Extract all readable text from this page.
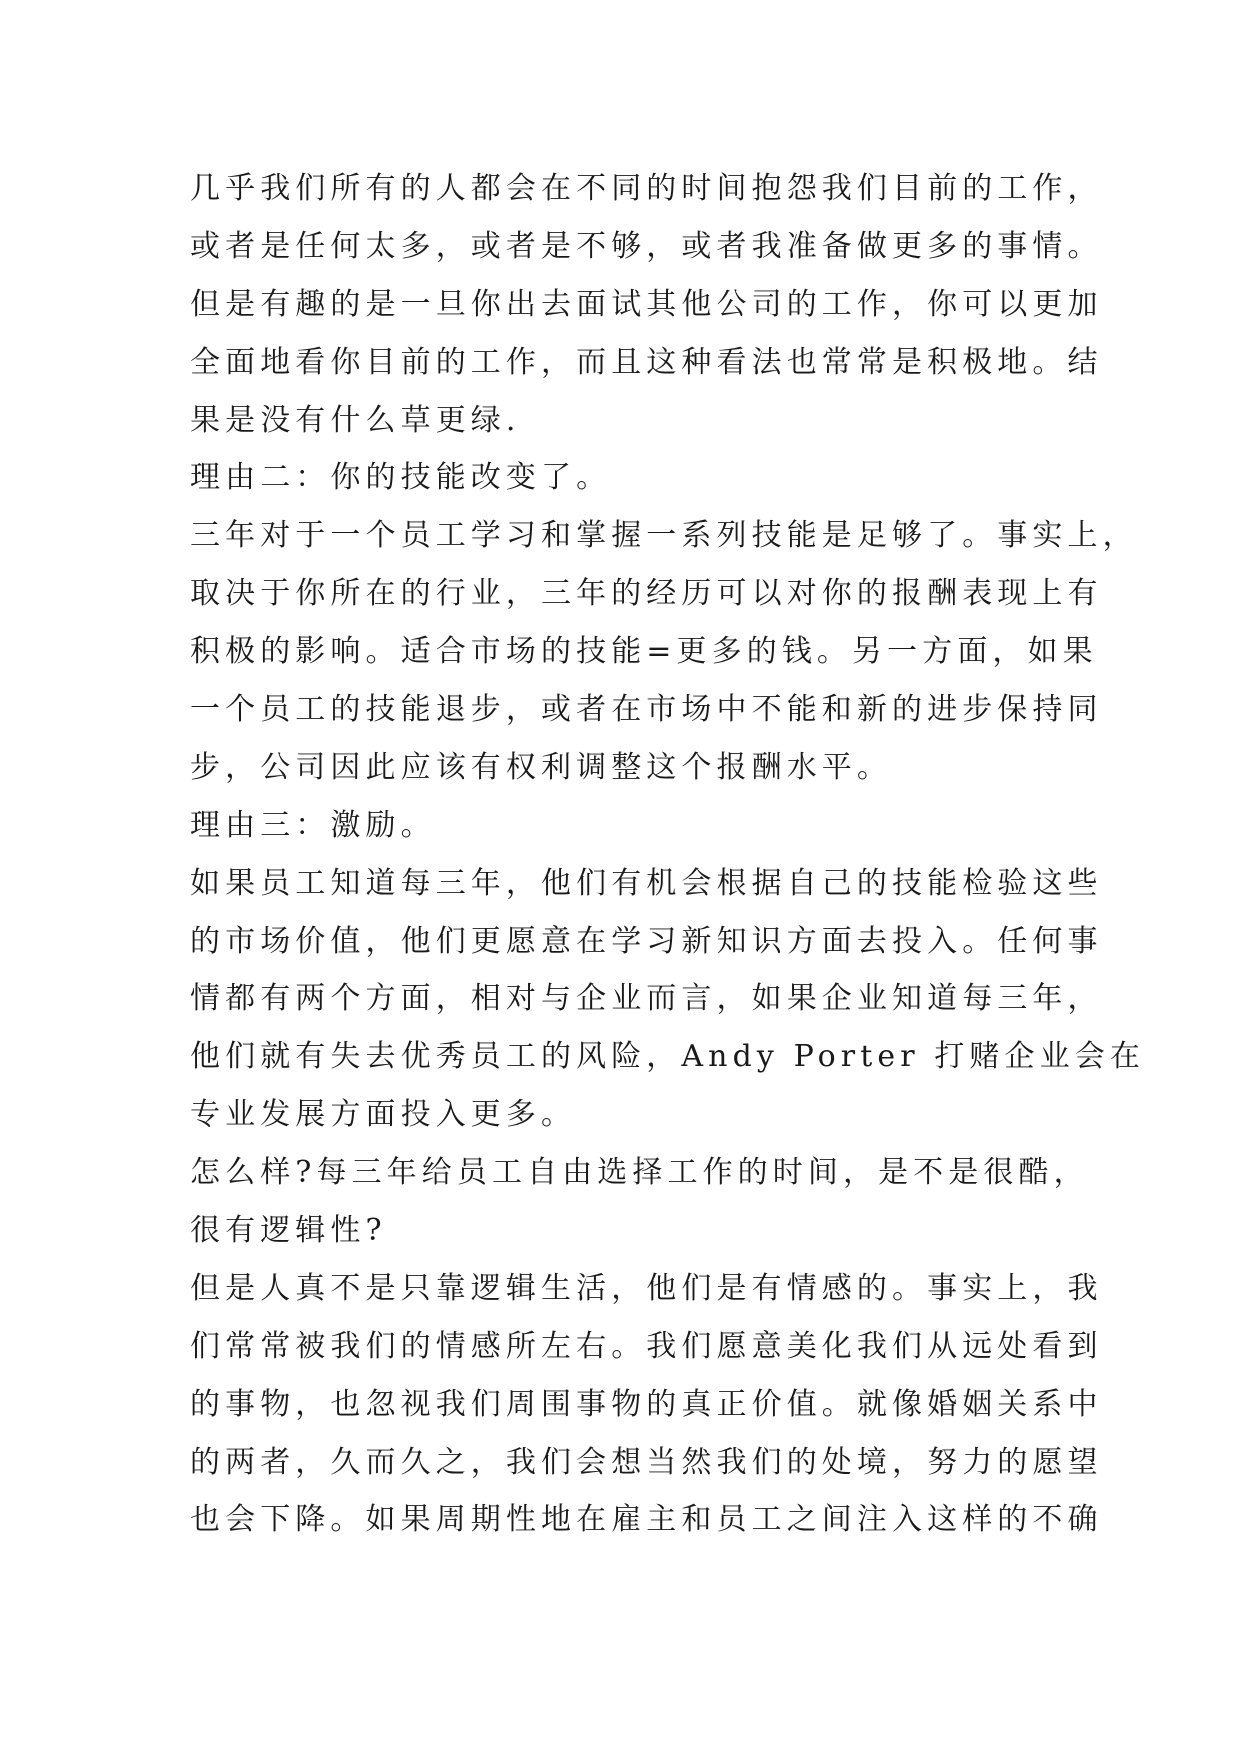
几乎我们所有的人都会在不同的时间抱怨我们目前的工作，
或者是任何太多，或者是不够，或者我准备做更多的事情。
但是有趣的是一旦你出去面试其他公司的工作，你可以更加
全面地看你目前的工作，而且这种看法也常常是积极地。结
果是没有什么草更绿.
理由二：你的技能改变了。
三年对于一个员工学习和掌握一系列技能是足够了。事实上，
取决于你所在的行业，三年的经历可以对你的报酬表现上有
积极的影响。适合市场的技能=更多的钱。另一方面，如果
一个员工的技能退步，或者在市场中不能和新的进步保持同
步，公司因此应该有权利调整这个报酬水平。
理由三：激励。
如果员工知道每三年，他们有机会根据自己的技能检验这些
的市场价值，他们更愿意在学习新知识方面去投入。任何事
情都有两个方面，相对与企业而言，如果企业知道每三年，
他们就有失去优秀员工的风险，Andy Porter 打赌企业会在
专业发展方面投入更多。
怎么样?每三年给员工自由选择工作的时间，是不是很酷，
很有逻辑性?
但是人真不是只靠逻辑生活，他们是有情感的。事实上，我
们常常被我们的情感所左右。我们愿意美化我们从远处看到
的事物，也忽视我们周围事物的真正价值。就像婚姻关系中
的两者，久而久之，我们会想当然我们的处境，努力的愿望
也会下降。如果周期性地在雇主和员工之间注入这样的不确
